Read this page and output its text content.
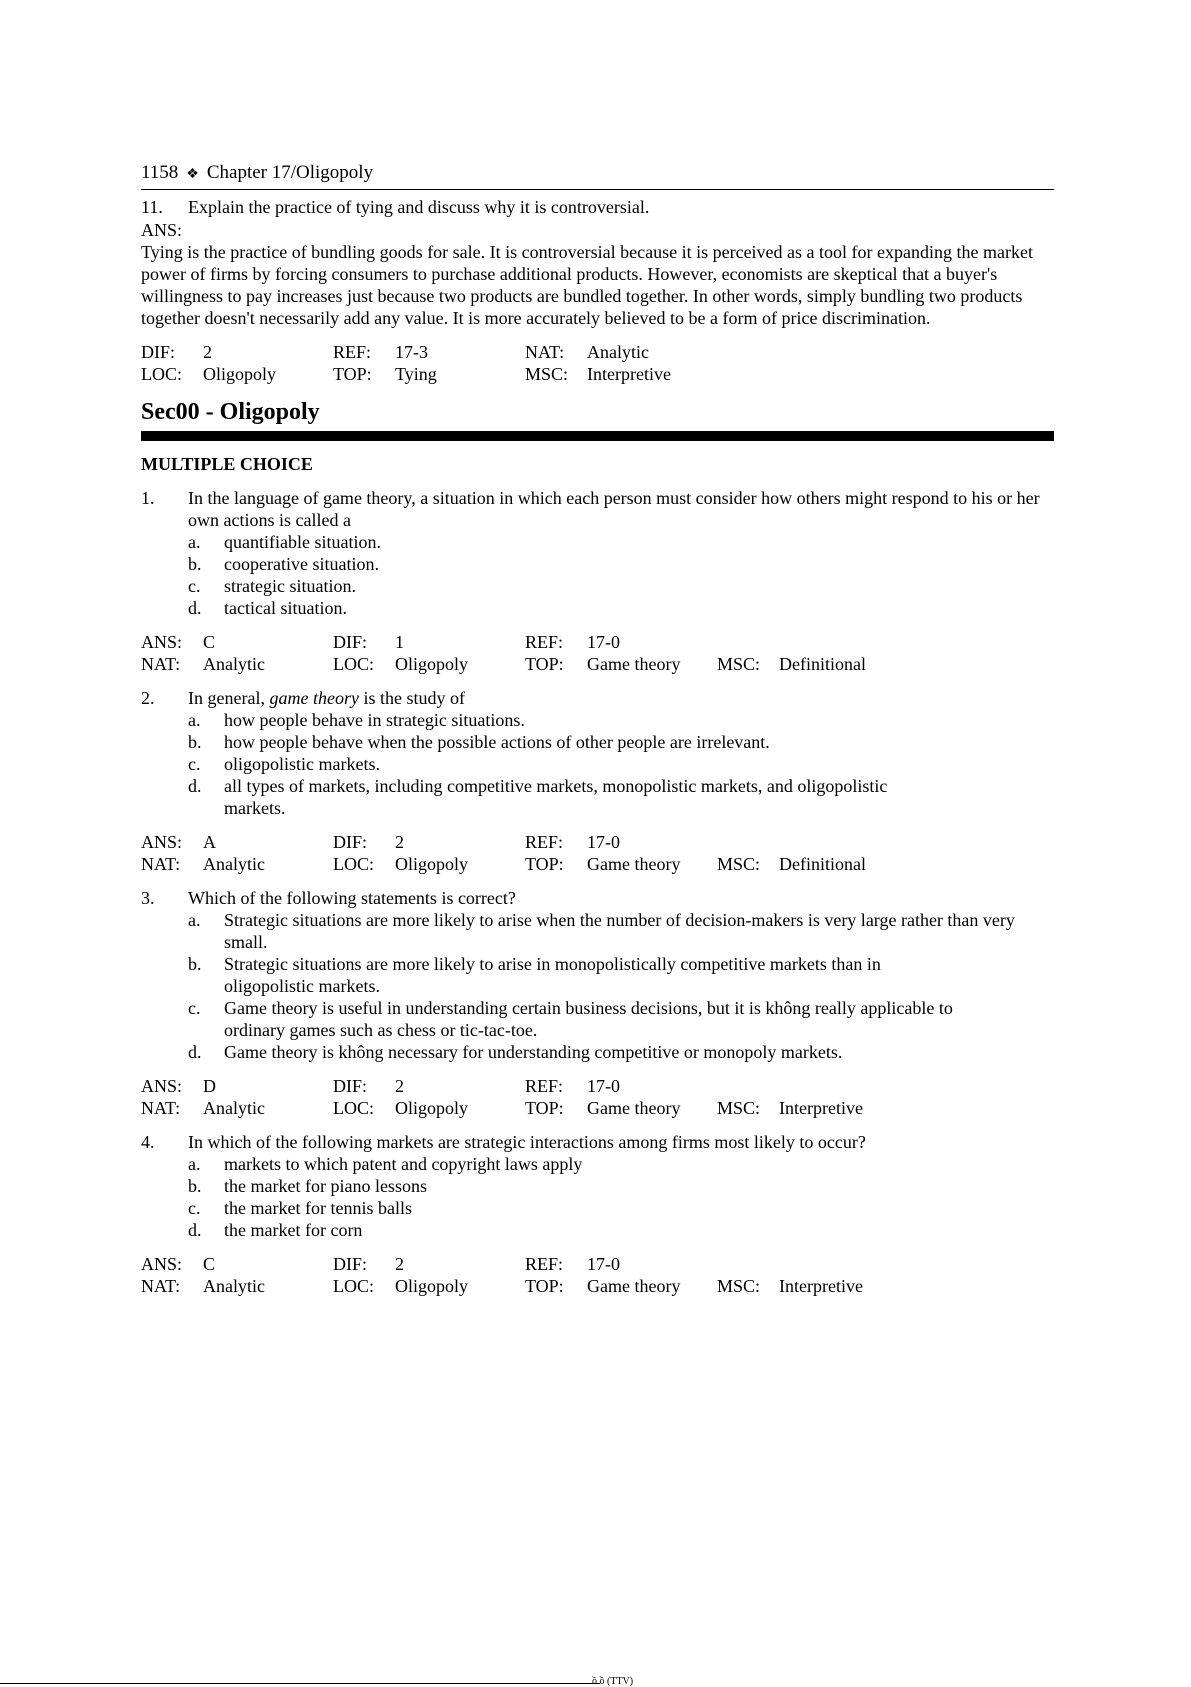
1158 ❖ Chapter 17/Oligopoly
11.	Explain the practice of tying and discuss why it is controversial.
ANS:
Tying is the practice of bundling goods for sale. It is controversial because it is perceived as a tool for expanding the market power of firms by forcing consumers to purchase additional products. However, economists are skeptical that a buyer's willingness to pay increases just because two products are bundled together. In other words, simply bundling two products together doesn't necessarily add any value. It is more accurately believed to be a form of price discrimination.
DIF:	2	REF:	17-3	NAT:	Analytic
LOC:	Oligopoly	TOP:	Tying	MSC:	Interpretive
Sec00 - Oligopoly
MULTIPLE CHOICE
1.	In the language of game theory, a situation in which each person must consider how others might respond to his or her own actions is called a
a.	quantifiable situation.
b.	cooperative situation.
c.	strategic situation.
d.	tactical situation.
ANS:	C	DIF:	1	REF:	17-0
NAT:	Analytic	LOC:	Oligopoly	TOP:	Game theory MSC:	Definitional
2.	In general, game theory is the study of
a.	how people behave in strategic situations.
b.	how people behave when the possible actions of other people are irrelevant.
c.	oligopolistic markets.
d.	all types of markets, including competitive markets, monopolistic markets, and oligopolistic markets.
ANS:	A	DIF:	2	REF:	17-0
NAT:	Analytic	LOC:	Oligopoly	TOP:	Game theory MSC:	Definitional
3.	Which of the following statements is correct?
a.	Strategic situations are more likely to arise when the number of decision-makers is very large rather than very small.
b.	Strategic situations are more likely to arise in monopolistically competitive markets than in oligopolistic markets.
c.	Game theory is useful in understanding certain business decisions, but it is không really applicable to ordinary games such as chess or tic-tac-toe.
d.	Game theory is không necessary for understanding competitive or monopoly markets.
ANS:	D	DIF:	2	REF:	17-0
NAT:	Analytic	LOC:	Oligopoly	TOP:	Game theory MSC:	Interpretive
4.	In which of the following markets are strategic interactions among firms most likely to occur?
a.	markets to which patent and copyright laws apply
b.	the market for piano lessons
c.	the market for tennis balls
d.	the market for corn
ANS:	C	DIF:	2	REF:	17-0
NAT:	Analytic	LOC:	Oligopoly	TOP:	Game theory MSC:	Interpretive
ồ ồ (TTV)
